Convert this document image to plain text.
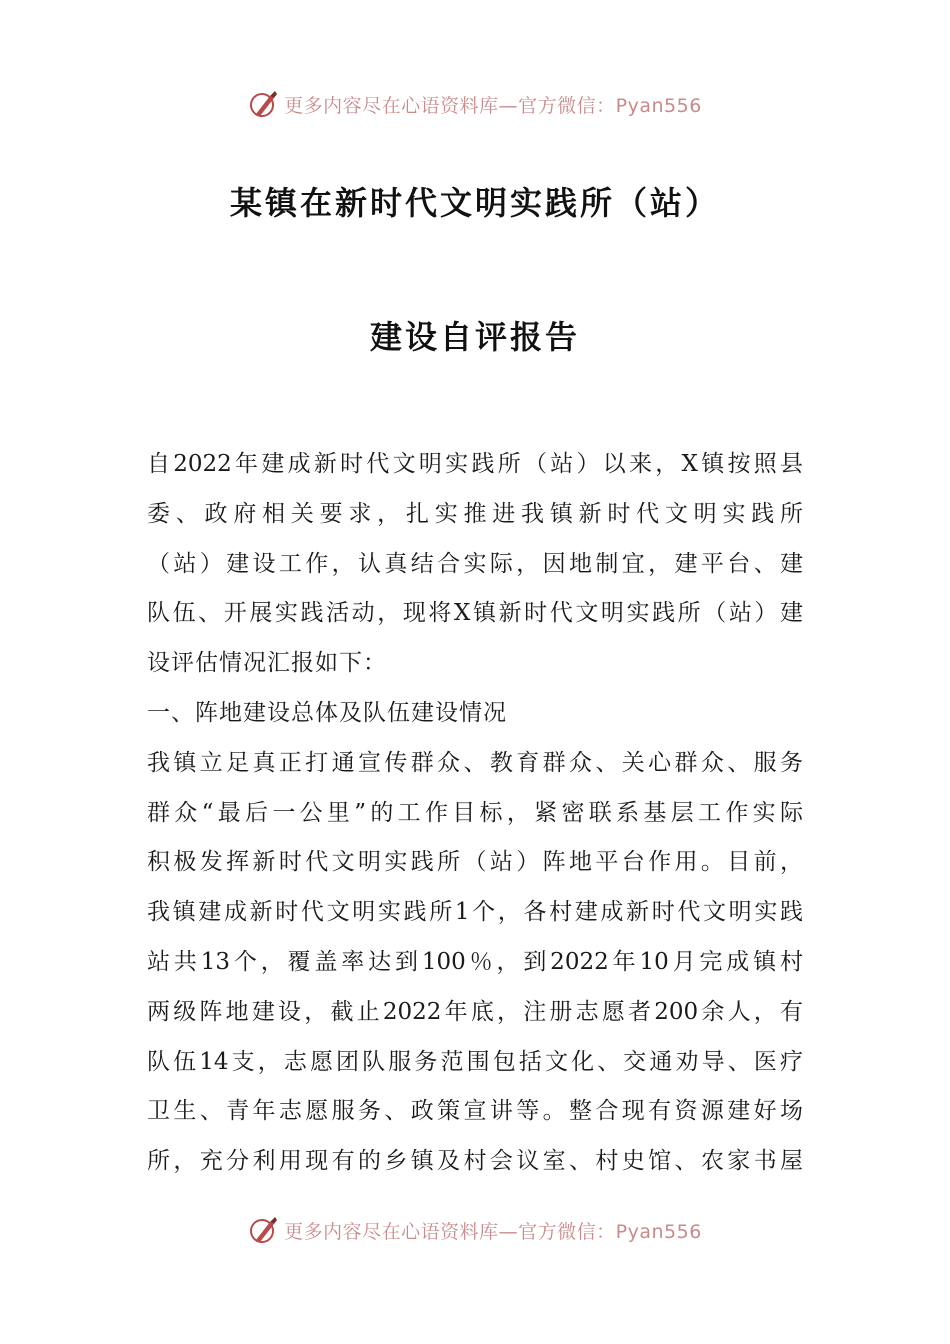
更多内容尽在心语资料库—官方微信：Pyan556
某镇在新时代文明实践所（站）
建设自评报告
自2022年建成新时代文明实践所（站）以来，X镇按照县
委、政府相关要求，扎实推进我镇新时代文明实践所
（站）建设工作，认真结合实际，因地制宜，建平台、建
队伍、开展实践活动，现将X镇新时代文明实践所（站）建
设评估情况汇报如下：
一、阵地建设总体及队伍建设情况
我镇立足真正打通宣传群众、教育群众、关心群众、服务
群众“最后一公里”的工作目标，紧密联系基层工作实际
积极发挥新时代文明实践所（站）阵地平台作用。目前，
我镇建成新时代文明实践所1个，各村建成新时代文明实践
站共13个，覆盖率达到100％，到2022年10月完成镇村
两级阵地建设，截止2022年底，注册志愿者200余人，有
队伍14支，志愿团队服务范围包括文化、交通劝导、医疗
卫生、青年志愿服务、政策宣讲等。整合现有资源建好场
所，充分利用现有的乡镇及村会议室、村史馆、农家书屋
更多内容尽在心语资料库—官方微信：Pyan556
